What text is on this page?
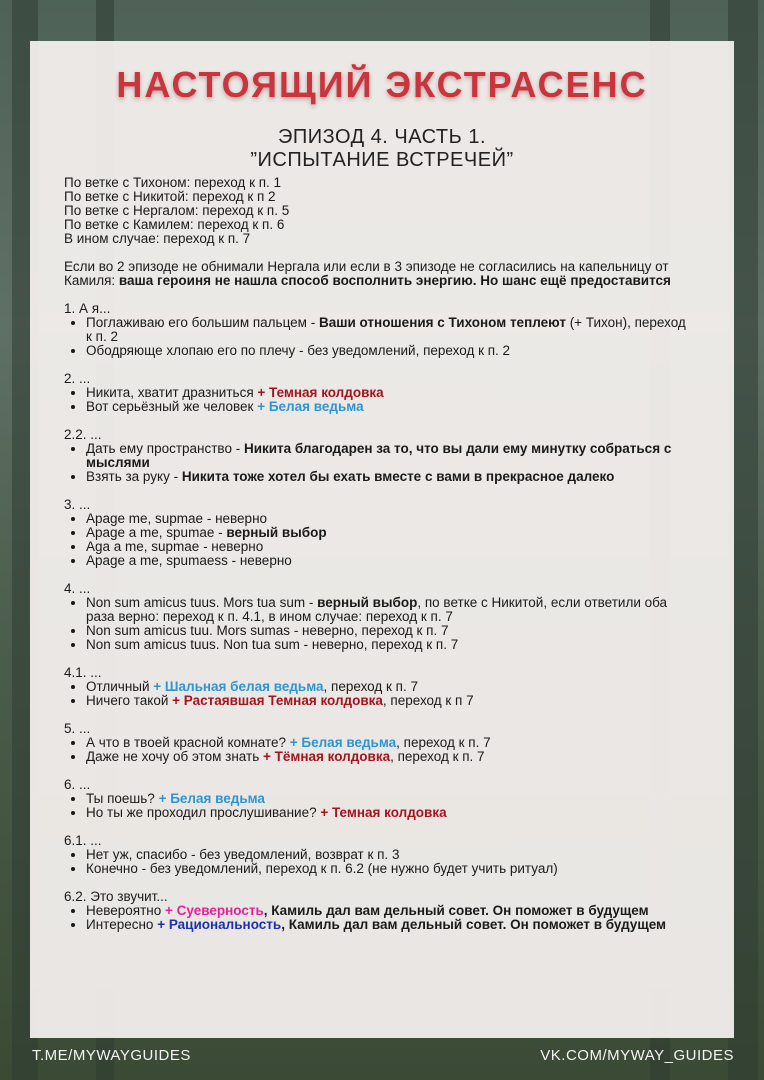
НАСТОЯЩИЙ ЭКСТРАСЕНС
ЭПИЗОД 4. ЧАСТЬ 1.
”ИСПЫТАНИЕ ВСТРЕЧЕЙ”

По ветке с Тихоном: переход к п. 1

По ветке с Никитой: переход к п 2

По ветке с Нергалом: переход к п. 5

По ветке с Камилем: переход к п. 6

В ином случае: переход к п. 7

Если во 2 эпизоде не обнимали Нергала или если в 3 эпизоде не согласились на капельницу от Камиля: ваша героиня не нашла способ восполнить энергию. Но шанс ещё предоставится

1. А я...

• Поглаживаю его большим пальцем - Ваши отношения с Тихоном теплеют (+ Тихон), переход к п. 2
• Ободряюще хлопаю его по плечу - без уведомлений, переход к п. 2

2. ...

• Никита, хватит дразниться + Темная колдовка
• Вот серьёзный же человек + Белая ведьма

2.2. ...

• Дать ему пространство - Никита благодарен за то, что вы дали ему минутку собраться с мыслями
• Взять за руку - Никита тоже хотел бы ехать вместе с вами в прекрасное далеко

3. ...

• Apage me, supmae - неверно
• Apage a me, spumae - верный выбор
• Aga a me, supmae - неверно
• Apage a me, spumaess - неверно

4. ...

• Non sum amicus tuus. Mors tua sum - верный выбор, по ветке с Никитой, если ответили оба раза верно: переход к п. 4.1, в ином случае: переход к п. 7
• Non sum amicus tuu. Mors sumas - неверно, переход к п. 7
• Non sum amicus tuus. Non tua sum - неверно, переход к п. 7

4.1. ...

• Отличный + Шальная белая ведьма, переход к п. 7
• Ничего такой + Растаявшая Темная колдовка, переход к п 7

5. ...

• А что в твоей красной комнате? + Белая ведьма, переход к п. 7
• Даже не хочу об этом знать + Тёмная колдовка, переход к п. 7

6. ...

• Ты поешь? + Белая ведьма
• Но ты же проходил прослушивание? + Темная колдовка

6.1. ...

• Нет уж, спасибо - без уведомлений, возврат к п. 3
• Конечно - без уведомлений, переход к п. 6.2 (не нужно будет учить ритуал)

6.2. Это звучит...

• Невероятно + Суеверность, Камиль дал вам дельный совет. Он поможет в будущем
• Интересно + Рациональность, Камиль дал вам дельный совет. Он поможет в будущем
T.ME/MYWAYGUIDES	VK.COM/MYWAY_GUIDES
